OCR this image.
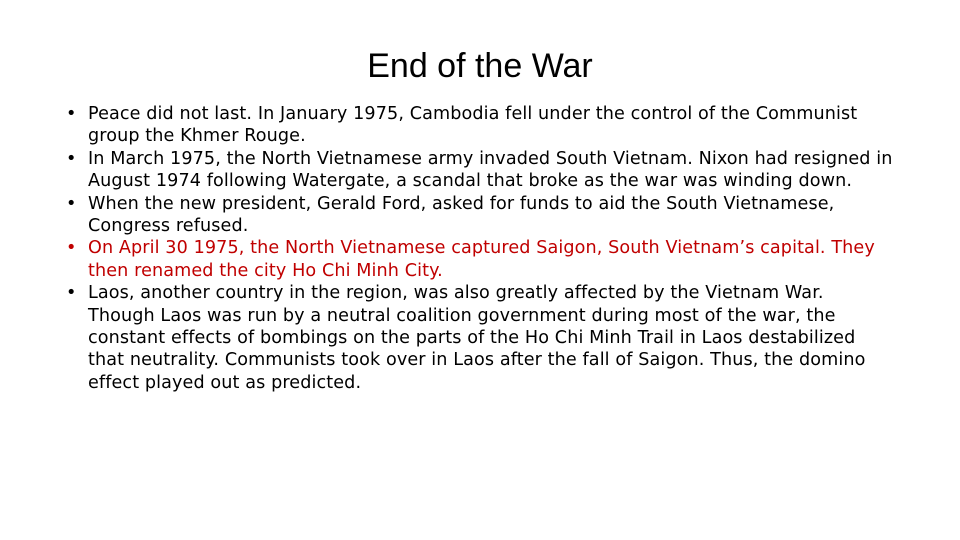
End of the War
• Peace did not last. In January 1975, Cambodia fell under the control of the Communist group the Khmer Rouge.
• In March 1975, the North Vietnamese army invaded South Vietnam. Nixon had resigned in August 1974 following Watergate, a scandal that broke as the war was winding down.
• When the new president, Gerald Ford, asked for funds to aid the South Vietnamese, Congress refused.
• On April 30 1975, the North Vietnamese captured Saigon, South Vietnam’s capital. They then renamed the city Ho Chi Minh City.
• Laos, another country in the region, was also greatly affected by the Vietnam War. Though Laos was run by a neutral coalition government during most of the war, the constant effects of bombings on the parts of the Ho Chi Minh Trail in Laos destabilized that neutrality. Communists took over in Laos after the fall of Saigon. Thus, the domino effect played out as predicted.
